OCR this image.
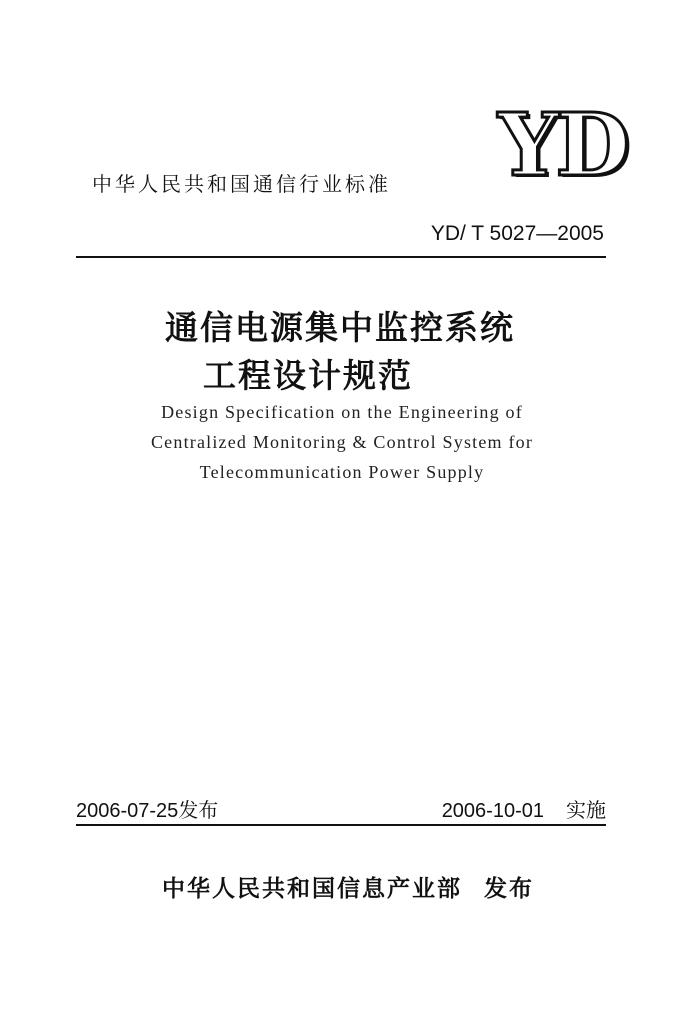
YD
中华人民共和国通信行业标准
YD/ T 5027—2005
通信电源集中监控系统
工程设计规范
Design Specification on the Engineering of
Centralized Monitoring & Control System for
Telecommunication Power Supply
2006-07-25发布	2006-10-01 实施
中华人民共和国信息产业部 发布
